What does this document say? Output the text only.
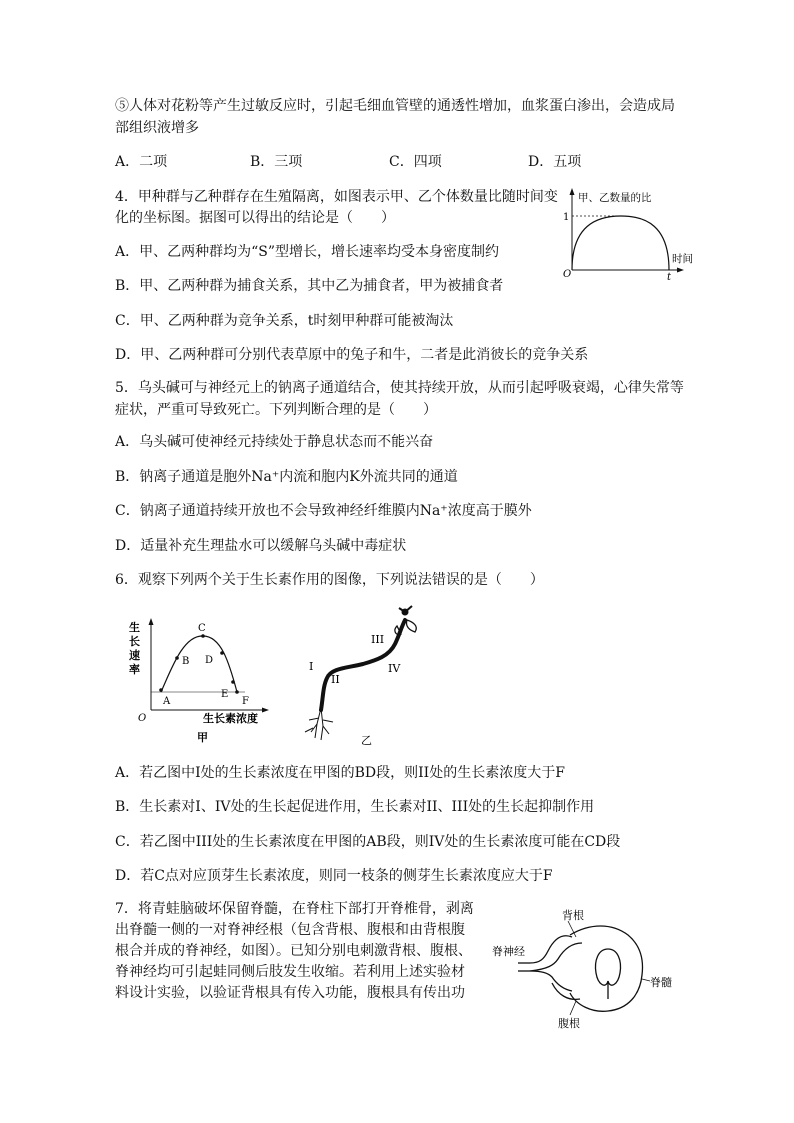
⑤人体对花粉等产生过敏反应时，引起毛细血管壁的通透性增加，血浆蛋白渗出，会造成局
部组织液增多
A．二项	B．三项	C．四项	D．五项
4．甲种群与乙种群存在生殖隔离，如图表示甲、乙个体数量比随时间变
化的坐标图。据图可以得出的结论是（　　）
A．甲、乙两种群均为“S”型增长，增长速率均受本身密度制约
B．甲、乙两种群为捕食关系，其中乙为捕食者，甲为被捕食者
C．甲、乙两种群为竞争关系，t时刻甲种群可能被淘汰
D．甲、乙两种群可分别代表草原中的兔子和牛，二者是此消彼长的竞争关系
甲、乙数量的比
1
O	t
时间
5．乌头碱可与神经元上的钠离子通道结合，使其持续开放，从而引起呼吸衰竭，心律失常等
症状，严重可导致死亡。下列判断合理的是（　　）
A．乌头碱可使神经元持续处于静息状态而不能兴奋
B．钠离子通道是胞外Na⁺内流和胞内K外流共同的通道
C．钠离子通道持续开放也不会导致神经纤维膜内Na⁺浓度高于膜外
D．适量补充生理盐水可以缓解乌头碱中毒症状
6．观察下列两个关于生长素作用的图像，下列说法错误的是（　　）
生
长
速
率
A
B
C
D
E
F
O	生长素浓度
甲
I
II
III
IV
乙
A．若乙图中I处的生长素浓度在甲图的BD段，则II处的生长素浓度大于F
B．生长素对I、IV处的生长起促进作用，生长素对II、III处的生长起抑制作用
C．若乙图中III处的生长素浓度在甲图的AB段，则IV处的生长素浓度可能在CD段
D．若C点对应顶芽生长素浓度，则同一枝条的侧芽生长素浓度应大于F
7．将青蛙脑破坏保留脊髓，在脊柱下部打开脊椎骨，剥离
出脊髓一侧的一对脊神经根（包含背根、腹根和由背根腹
根合并成的脊神经，如图）。已知分别电刺激背根、腹根、
脊神经均可引起蛙同侧后肢发生收缩。若利用上述实验材
料设计实验，以验证背根具有传入功能，腹根具有传出功
背根
脊神经
脊髓
腹根
